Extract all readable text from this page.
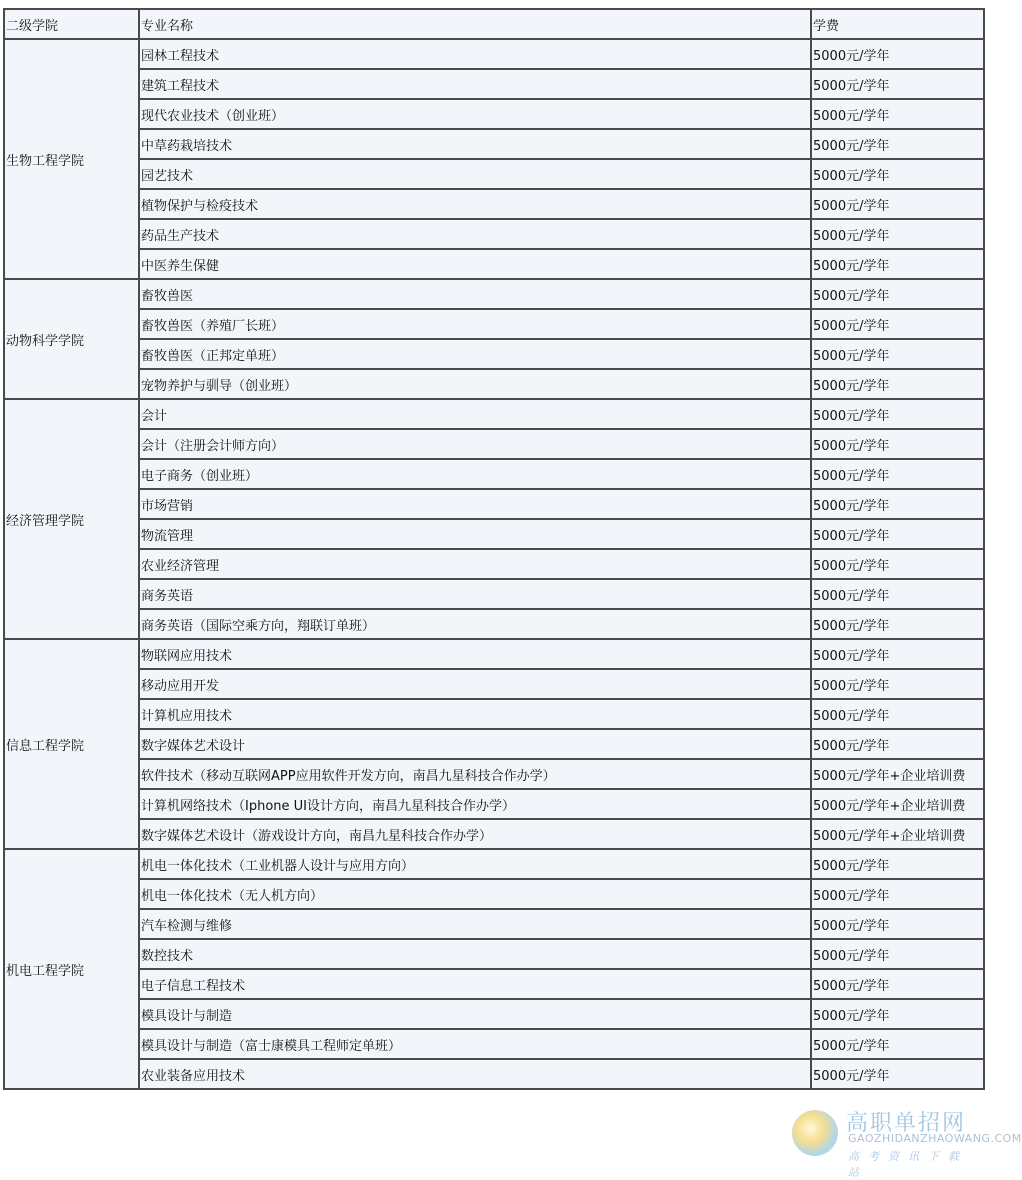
二级学院	专业名称	学费
生物工程学院	园林工程技术	5000元/学年
	建筑工程技术	5000元/学年
	现代农业技术（创业班）	5000元/学年
	中草药栽培技术	5000元/学年
	园艺技术	5000元/学年
	植物保护与检疫技术	5000元/学年
	药品生产技术	5000元/学年
	中医养生保健	5000元/学年
动物科学学院	畜牧兽医	5000元/学年
	畜牧兽医（养殖厂长班）	5000元/学年
	畜牧兽医（正邦定单班）	5000元/学年
	宠物养护与驯导（创业班）	5000元/学年
经济管理学院	会计	5000元/学年
	会计（注册会计师方向）	5000元/学年
	电子商务（创业班）	5000元/学年
	市场营销	5000元/学年
	物流管理	5000元/学年
	农业经济管理	5000元/学年
	商务英语	5000元/学年
	商务英语（国际空乘方向，翔联订单班）	5000元/学年
信息工程学院	物联网应用技术	5000元/学年
	移动应用开发	5000元/学年
	计算机应用技术	5000元/学年
	数字媒体艺术设计	5000元/学年
	软件技术（移动互联网APP应用软件开发方向，南昌九星科技合作办学）	5000元/学年+企业培训费
	计算机网络技术（Iphone UI设计方向，南昌九星科技合作办学）	5000元/学年+企业培训费
	数字媒体艺术设计（游戏设计方向，南昌九星科技合作办学）	5000元/学年+企业培训费
机电工程学院	机电一体化技术（工业机器人设计与应用方向）	5000元/学年
	机电一体化技术（无人机方向）	5000元/学年
	汽车检测与维修	5000元/学年
	数控技术	5000元/学年
	电子信息工程技术	5000元/学年
	模具设计与制造	5000元/学年
	模具设计与制造（富士康模具工程师定单班）	5000元/学年
	农业装备应用技术	5000元/学年
高职单招网
GAOZHIDANZHAOWANG.COM
高考资讯下载站
